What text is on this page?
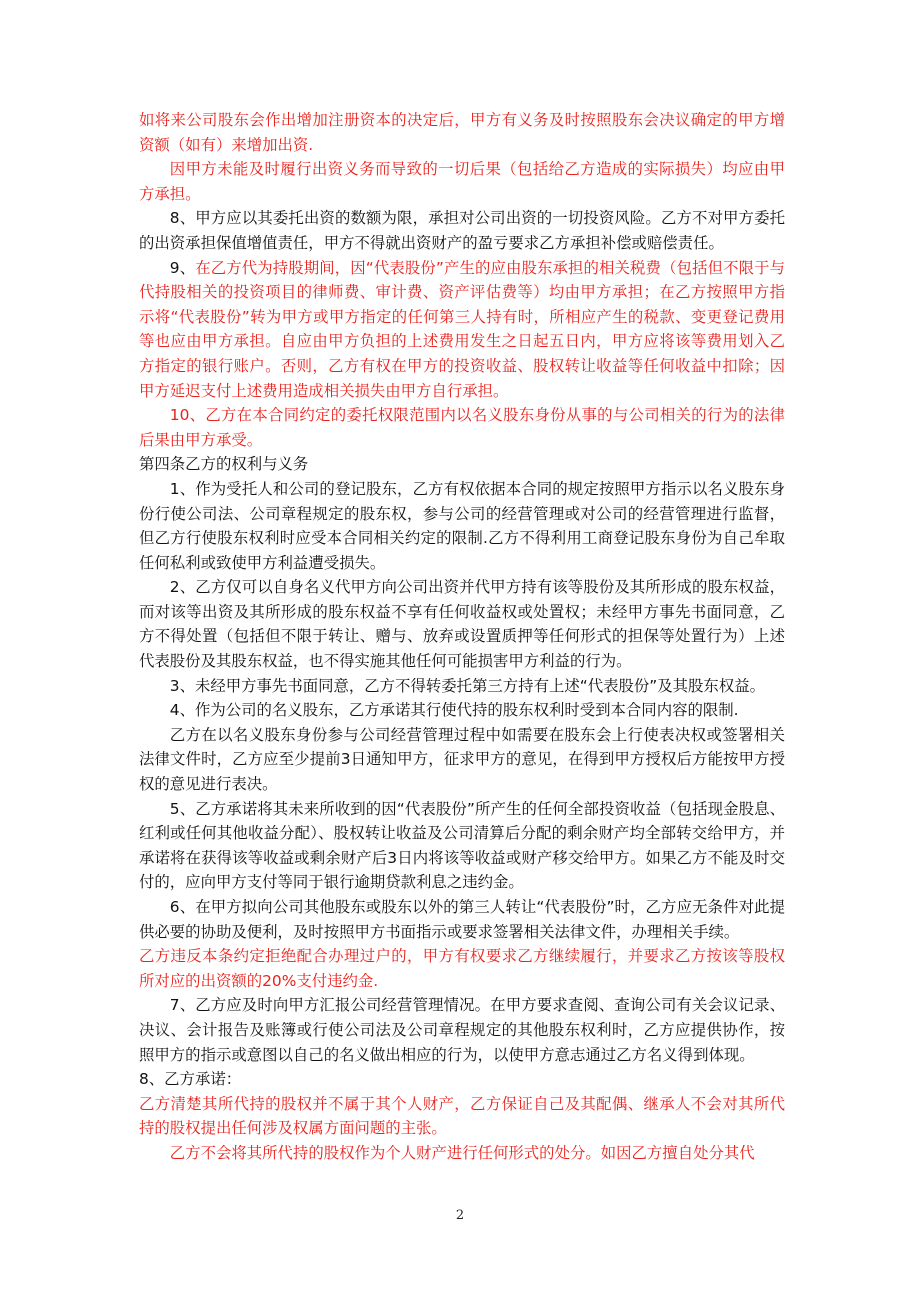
如将来公司股东会作出增加注册资本的决定后，甲方有义务及时按照股东会决议确定的甲方增资额（如有）来增加出资.

因甲方未能及时履行出资义务而导致的一切后果（包括给乙方造成的实际损失）均应由甲方承担。

8、甲方应以其委托出资的数额为限，承担对公司出资的一切投资风险。乙方不对甲方委托的出资承担保值增值责任，甲方不得就出资财产的盈亏要求乙方承担补偿或赔偿责任。

9、在乙方代为持股期间，因“代表股份”产生的应由股东承担的相关税费（包括但不限于与代持股相关的投资项目的律师费、审计费、资产评估费等）均由甲方承担；在乙方按照甲方指示将“代表股份”转为甲方或甲方指定的任何第三人持有时，所相应产生的税款、变更登记费用等也应由甲方承担。自应由甲方负担的上述费用发生之日起五日内，甲方应将该等费用划入乙方指定的银行账户。否则，乙方有权在甲方的投资收益、股权转让收益等任何收益中扣除；因甲方延迟支付上述费用造成相关损失由甲方自行承担。

10、乙方在本合同约定的委托权限范围内以名义股东身份从事的与公司相关的行为的法律后果由甲方承受。

第四条乙方的权利与义务

1、作为受托人和公司的登记股东，乙方有权依据本合同的规定按照甲方指示以名义股东身份行使公司法、公司章程规定的股东权，参与公司的经营管理或对公司的经营管理进行监督，但乙方行使股东权利时应受本合同相关约定的限制.乙方不得利用工商登记股东身份为自己牟取任何私利或致使甲方利益遭受损失。

2、乙方仅可以自身名义代甲方向公司出资并代甲方持有该等股份及其所形成的股东权益，而对该等出资及其所形成的股东权益不享有任何收益权或处置权；未经甲方事先书面同意，乙方不得处置（包括但不限于转让、赠与、放弃或设置质押等任何形式的担保等处置行为）上述代表股份及其股东权益，也不得实施其他任何可能损害甲方利益的行为。

3、未经甲方事先书面同意，乙方不得转委托第三方持有上述“代表股份”及其股东权益。

4、作为公司的名义股东，乙方承诺其行使代持的股东权利时受到本合同内容的限制.

乙方在以名义股东身份参与公司经营管理过程中如需要在股东会上行使表决权或签署相关法律文件时，乙方应至少提前3日通知甲方，征求甲方的意见，在得到甲方授权后方能按甲方授权的意见进行表决。

5、乙方承诺将其未来所收到的因“代表股份”所产生的任何全部投资收益（包括现金股息、红利或任何其他收益分配）、股权转让收益及公司清算后分配的剩余财产均全部转交给甲方，并承诺将在获得该等收益或剩余财产后3日内将该等收益或财产移交给甲方。如果乙方不能及时交付的，应向甲方支付等同于银行逾期贷款利息之违约金。

6、在甲方拟向公司其他股东或股东以外的第三人转让“代表股份”时，乙方应无条件对此提供必要的协助及便利，及时按照甲方书面指示或要求签署相关法律文件，办理相关手续。

乙方违反本条约定拒绝配合办理过户的，甲方有权要求乙方继续履行，并要求乙方按该等股权所对应的出资额的20%支付违约金.

7、乙方应及时向甲方汇报公司经营管理情况。在甲方要求查阅、查询公司有关会议记录、决议、会计报告及账簿或行使公司法及公司章程规定的其他股东权利时，乙方应提供协作，按照甲方的指示或意图以自己的名义做出相应的行为，以使甲方意志通过乙方名义得到体现。

8、乙方承诺：

乙方清楚其所代持的股权并不属于其个人财产，乙方保证自己及其配偶、继承人不会对其所代持的股权提出任何涉及权属方面问题的主张。

乙方不会将其所代持的股权作为个人财产进行任何形式的处分。如因乙方擅自处分其代

2
